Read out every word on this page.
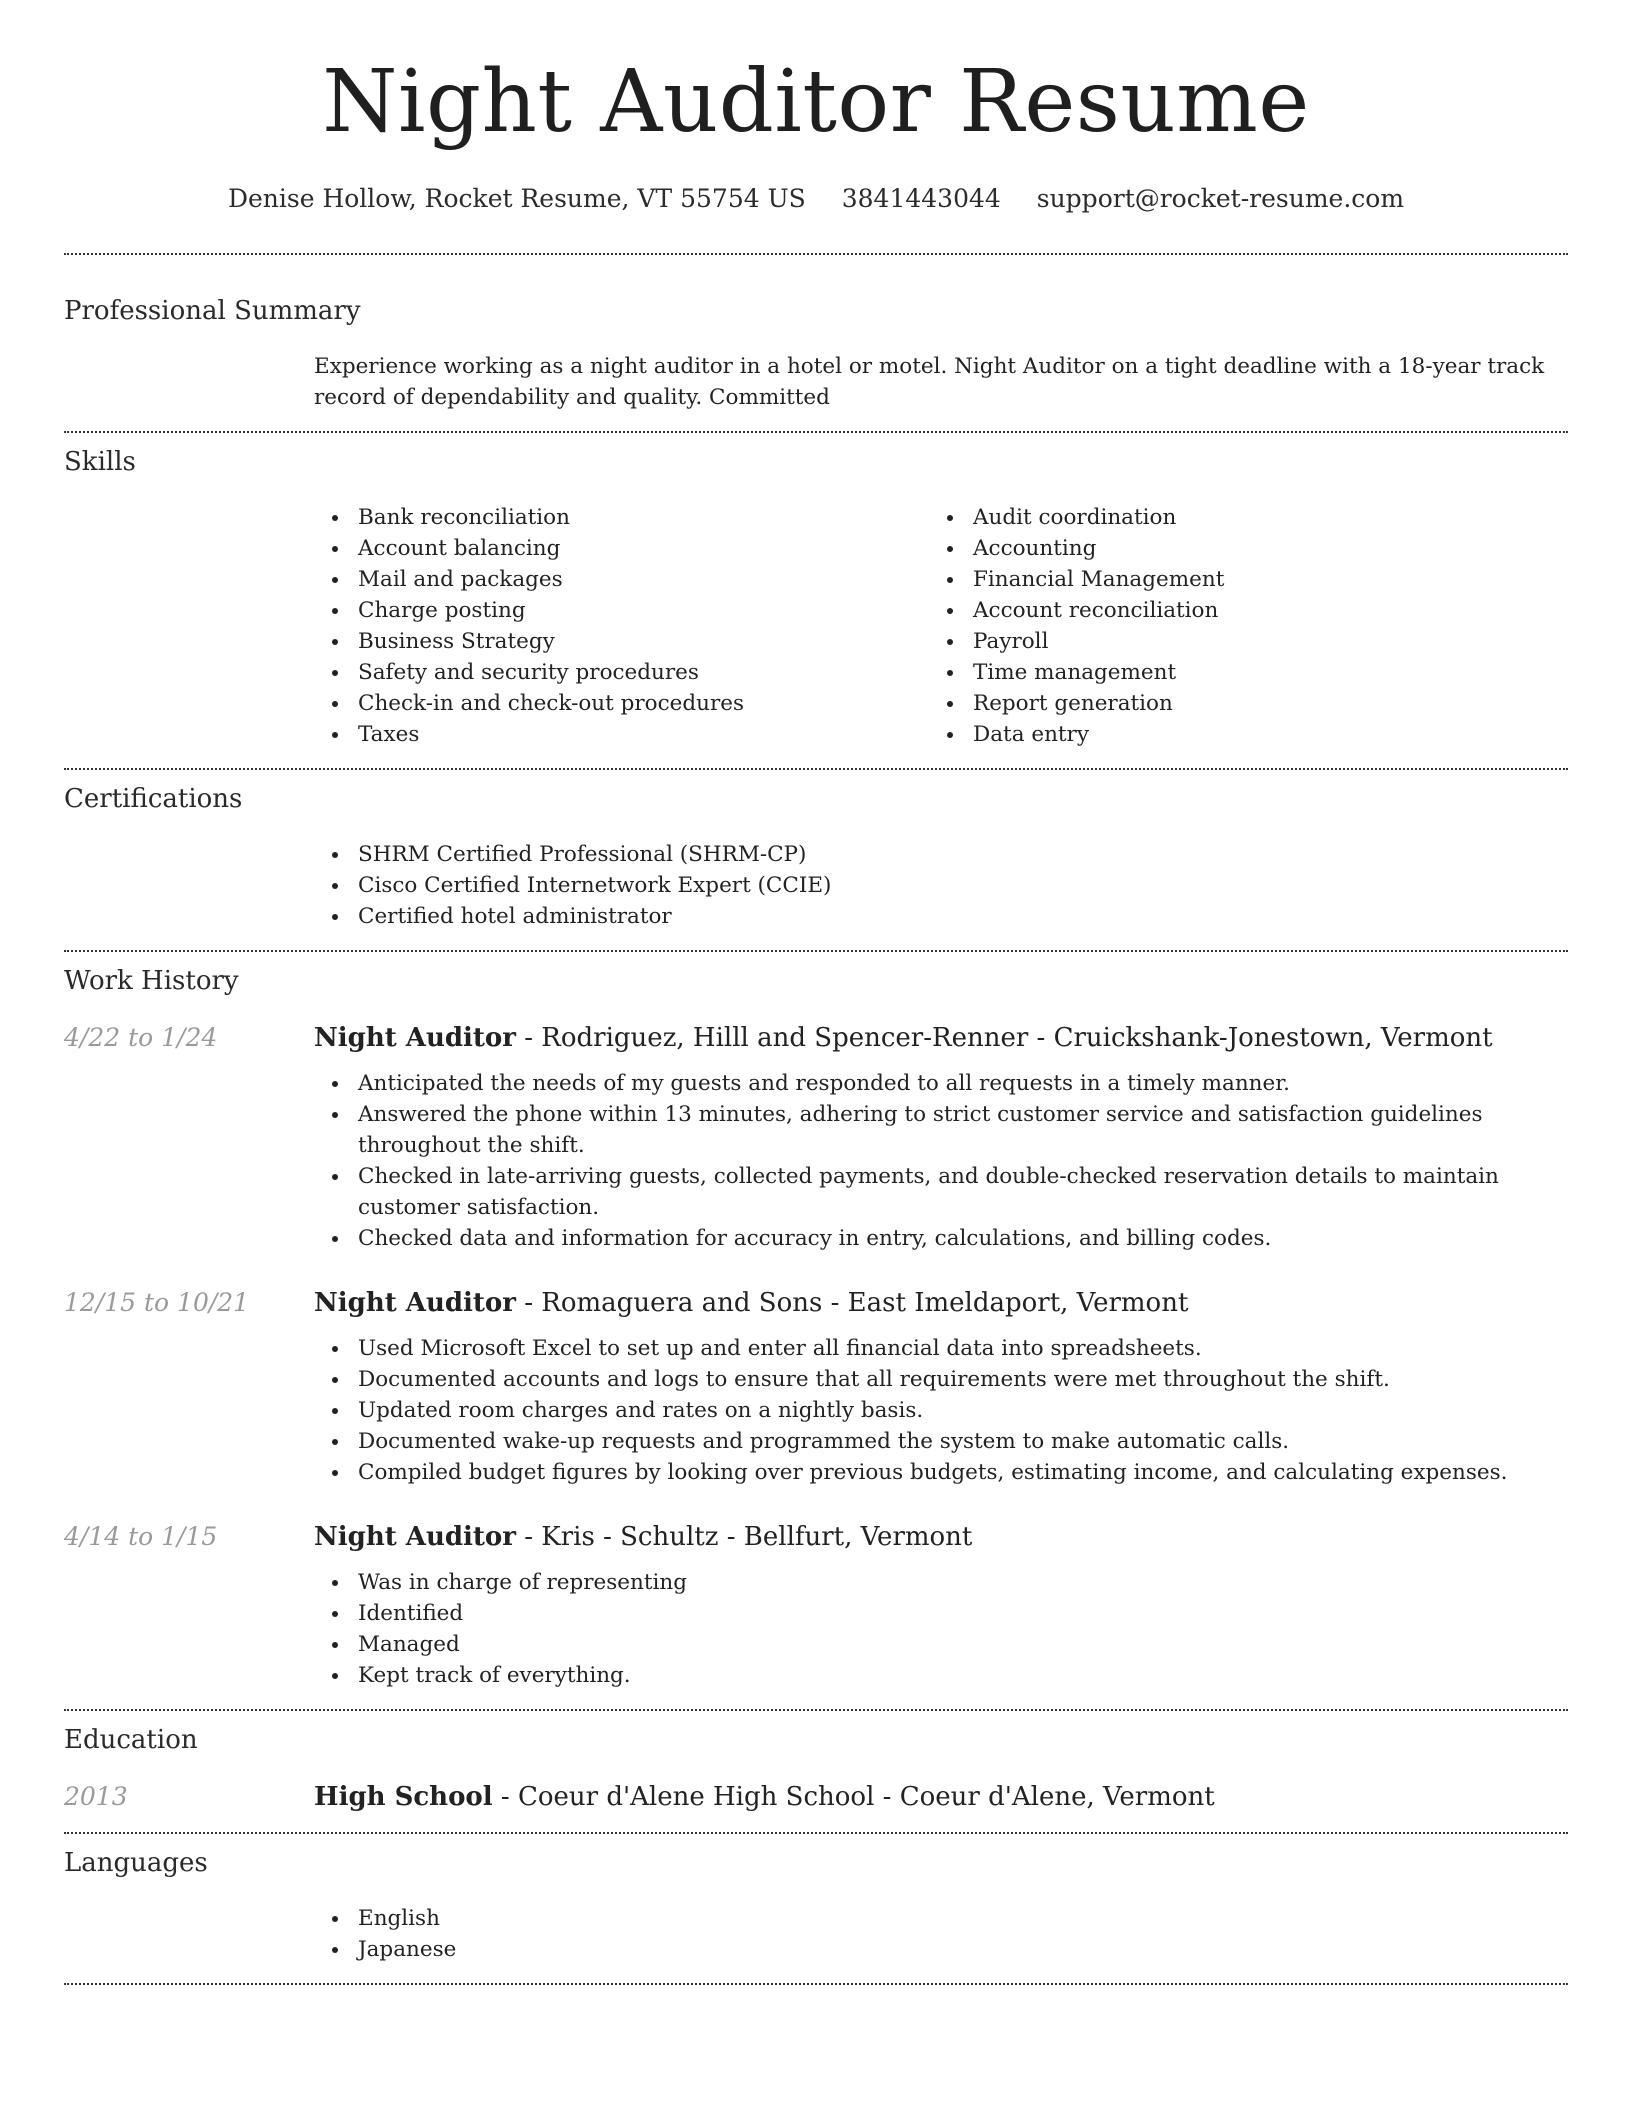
Night Auditor Resume
Denise Hollow, Rocket Resume, VT 55754 US 3841443044 support@rocket-resume.com
Professional Summary
Experience working as a night auditor in a hotel or motel. Night Auditor on a tight deadline with a 18-year track record of dependability and quality. Committed
Skills
Bank reconciliation
Account balancing
Mail and packages
Charge posting
Business Strategy
Safety and security procedures
Check-in and check-out procedures
Taxes
Audit coordination
Accounting
Financial Management
Account reconciliation
Payroll
Time management
Report generation
Data entry
Certifications
SHRM Certified Professional (SHRM-CP)
Cisco Certified Internetwork Expert (CCIE)
Certified hotel administrator
Work History
4/22 to 1/24	Night Auditor - Rodriguez, Hilll and Spencer-Renner - Cruickshank-Jonestown, Vermont
Anticipated the needs of my guests and responded to all requests in a timely manner.
Answered the phone within 13 minutes, adhering to strict customer service and satisfaction guidelines throughout the shift.
Checked in late-arriving guests, collected payments, and double-checked reservation details to maintain customer satisfaction.
Checked data and information for accuracy in entry, calculations, and billing codes.
12/15 to 10/21 Night Auditor - Romaguera and Sons - East Imeldaport, Vermont
Used Microsoft Excel to set up and enter all financial data into spreadsheets.
Documented accounts and logs to ensure that all requirements were met throughout the shift.
Updated room charges and rates on a nightly basis.
Documented wake-up requests and programmed the system to make automatic calls.
Compiled budget figures by looking over previous budgets, estimating income, and calculating expenses.
4/14 to 1/15	Night Auditor - Kris - Schultz - Bellfurt, Vermont
Was in charge of representing
Identified
Managed
Kept track of everything.
Education
2013	High School - Coeur d'Alene High School - Coeur d'Alene, Vermont
Languages
English
Japanese
